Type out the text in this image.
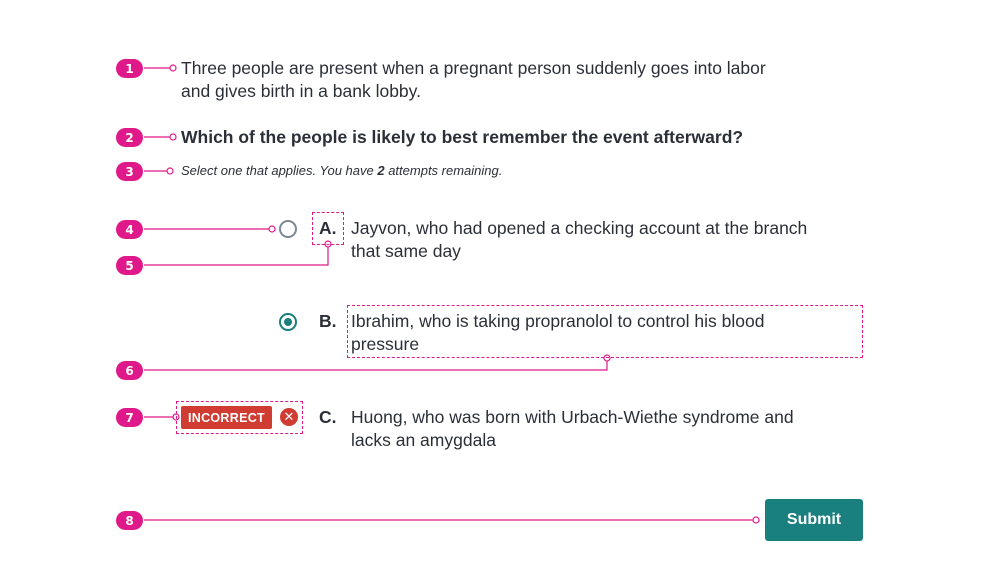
1
2
3
4
5
6
7
8
Three people are present when a pregnant person suddenly goes into labor
and gives birth in a bank lobby.
Which of the people is likely to best remember the event afterward?
Select one that applies. You have 2 attempts remaining.
A. Jayvon, who had opened a checking account at the branch
that same day
B. Ibrahim, who is taking propranolol to control his blood
pressure
INCORRECT	✕ C. Huong, who was born with Urbach-Wiethe syndrome and
lacks an amygdala
Submit
